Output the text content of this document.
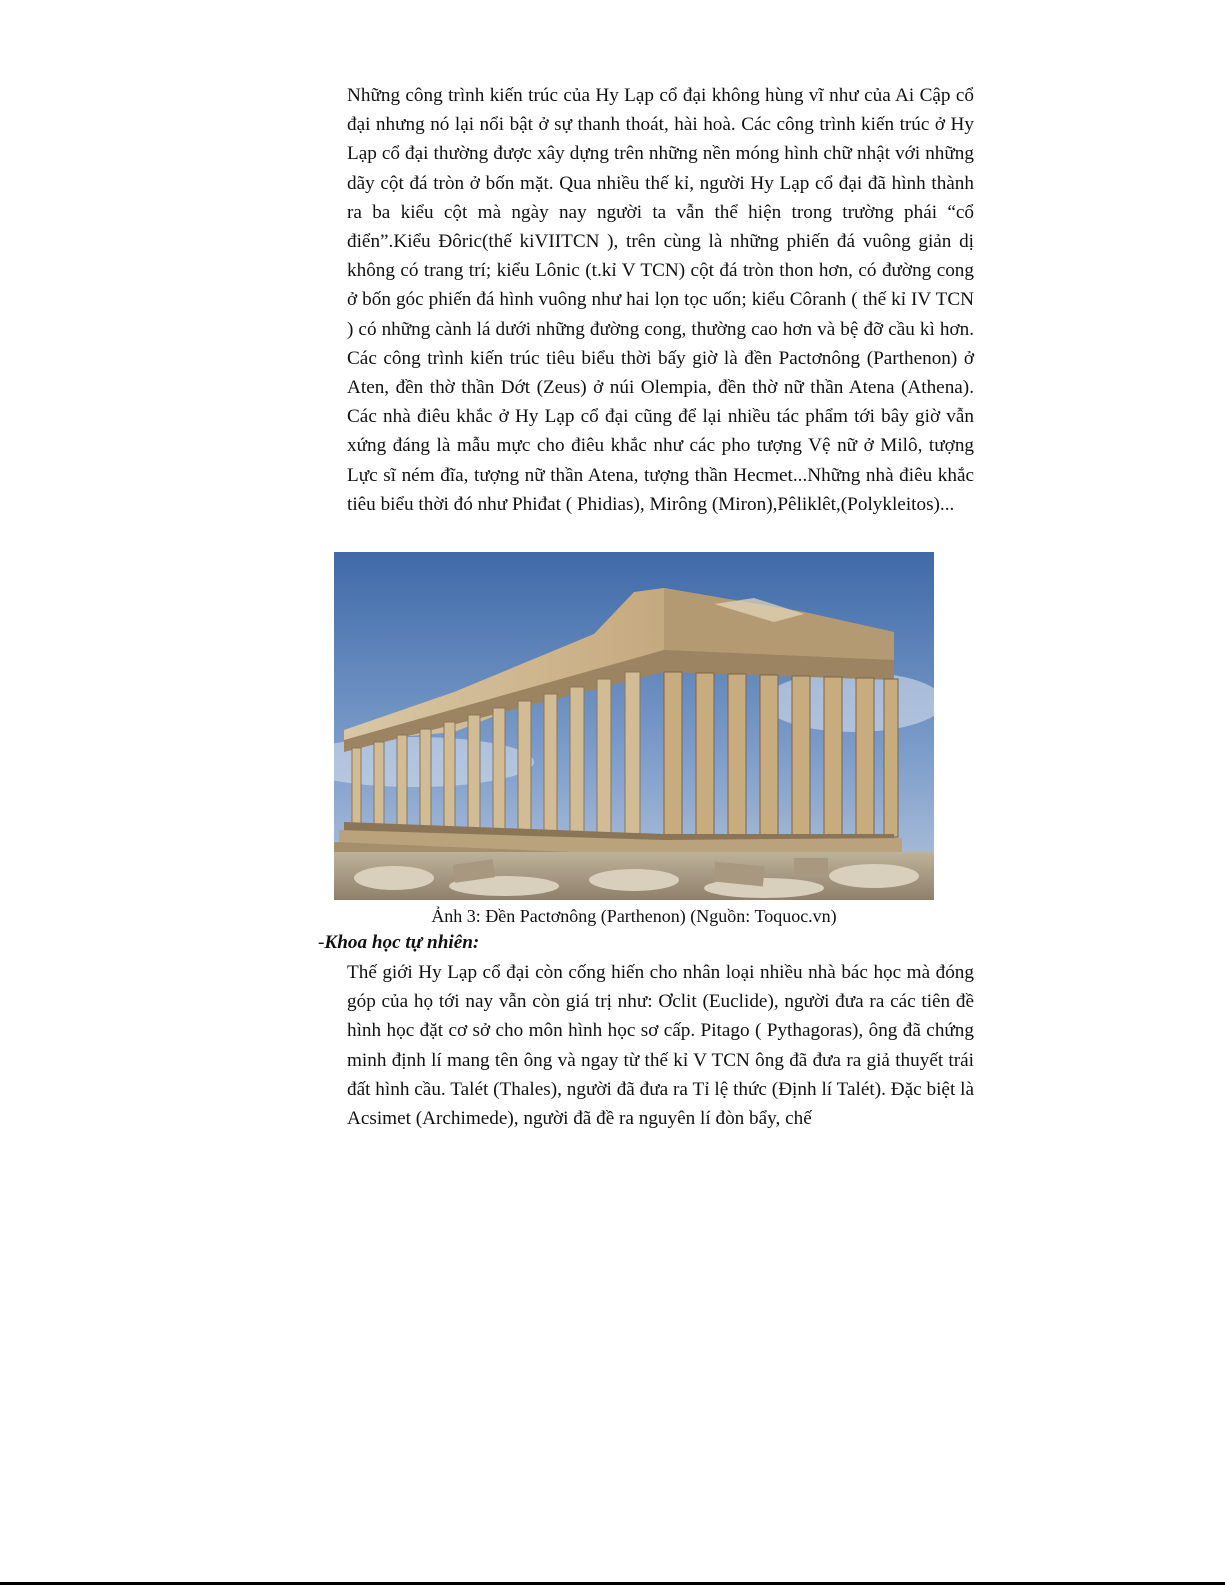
Những công trình kiến trúc của Hy Lạp cổ đại không hùng vĩ như của Ai Cập cổ đại nhưng nó lại nổi bật ở sự thanh thoát, hài hoà. Các công trình kiến trúc ở Hy Lạp cổ đại thường được xây dựng trên những nền móng hình chữ nhật với những dãy cột đá tròn ở bốn mặt. Qua nhiều thế kỉ, người Hy Lạp cổ đại đã hình thành ra ba kiểu cột mà ngày nay người ta vẫn thể hiện trong trường phái “cổ điển”.Kiểu Đôric(thế kiVIITCN ), trên cùng là những phiến đá vuông giản dị không có trang trí; kiểu Lônic (t.kỉ V TCN) cột đá tròn thon hơn, có đường cong ở bốn góc phiến đá hình vuông như hai lọn tọc uốn; kiểu Côranh ( thế kỉ IV TCN ) có những cành lá dưới những đường cong, thường cao hơn và bệ đỡ cầu kì hơn. Các công trình kiến trúc tiêu biểu thời bấy giờ là đền Pactơnông (Parthenon) ở Aten, đền thờ thần Dớt (Zeus) ở núi Olempia, đền thờ nữ thần Atena (Athena). Các nhà điêu khắc ở Hy Lạp cổ đại cũng để lại nhiều tác phẩm tới bây giờ vẫn xứng đáng là mẫu mực cho điêu khắc như các pho tượng Vệ nữ ở Milô, tượng Lực sĩ ném đĩa, tượng nữ thần Atena, tượng thần Hecmet...Những nhà điêu khắc tiêu biểu thời đó như Phiđat ( Phidias), Mirông (Miron),Pêliklêt,(Polykleitos)...

Ảnh 3: Đền Pactơnông (Parthenon) (Nguồn: Toquoc.vn)
-Khoa học tự nhiên:

Thế giới Hy Lạp cổ đại còn cống hiến cho nhân loại nhiều nhà bác học mà đóng góp của họ tới nay vẫn còn giá trị như: Ơclit (Euclide), người đưa ra các tiên đề hình học đặt cơ sở cho môn hình học sơ cấp. Pitago ( Pythagoras), ông đã chứng minh định lí mang tên ông và ngay từ thế kỉ V TCN ông đã đưa ra giả thuyết trái đất hình cầu. Talét (Thales), người đã đưa ra Tỉ lệ thức (Định lí Talét). Đặc biệt là Acsimet (Archimede), người đã đề ra nguyên lí đòn bẩy, chế
